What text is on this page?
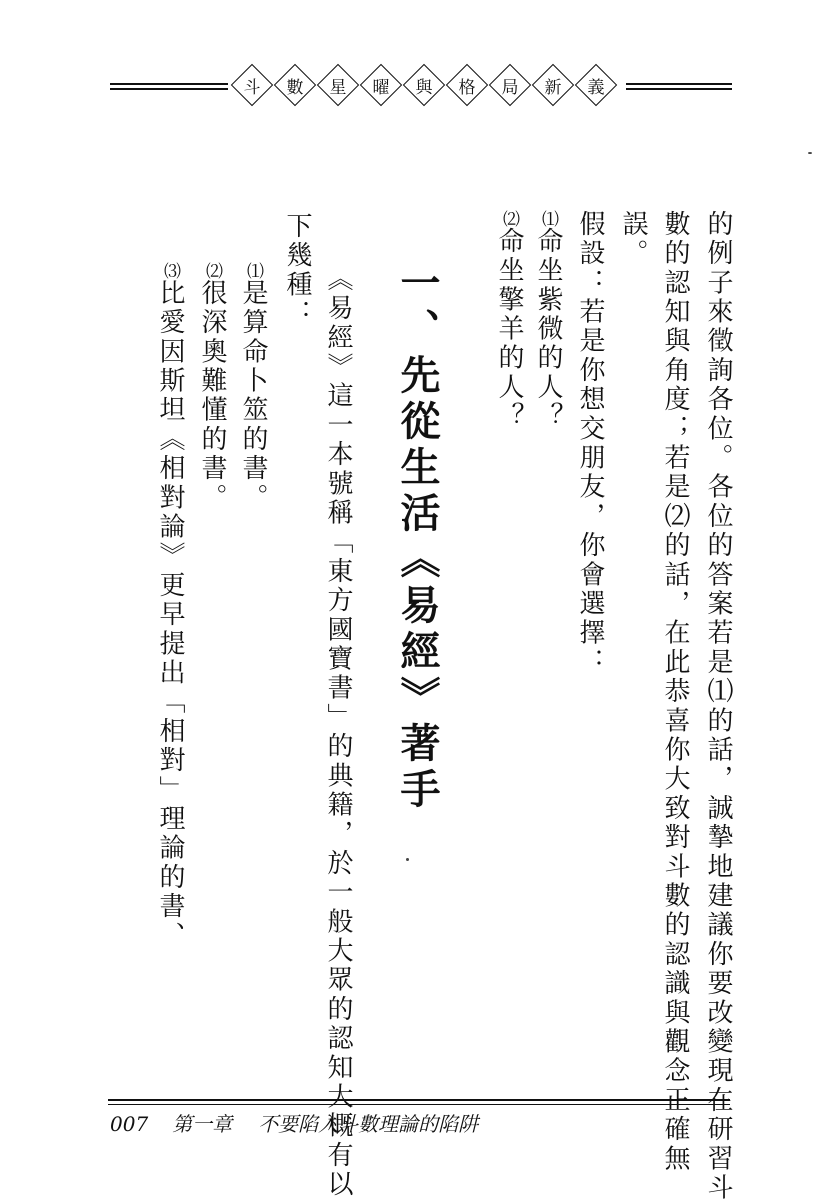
斗 數 星 曜 與 格 局 新 義
的例子來徵詢各位。各位的答案若是⑴的話，誠摯地建議你要改變現在研習斗
數的認知與角度；若是⑵的話，在此恭喜你大致對斗數的認識與觀念正確無
誤。
假設：若是你想交朋友，你會選擇：
⑴命坐紫微的人？
⑵命坐擎羊的人？
一、先從生活《易經》著手
《易經》這一本號稱「東方國寶書」的典籍，於一般大眾的認知大概有以
下幾種：
⑴是算命卜筮的書。
⑵很深奧難懂的書。
⑶比愛因斯坦《相對論》更早提出「相對」理論的書、
007 第一章 不要陷入斗數理論的陷阱
